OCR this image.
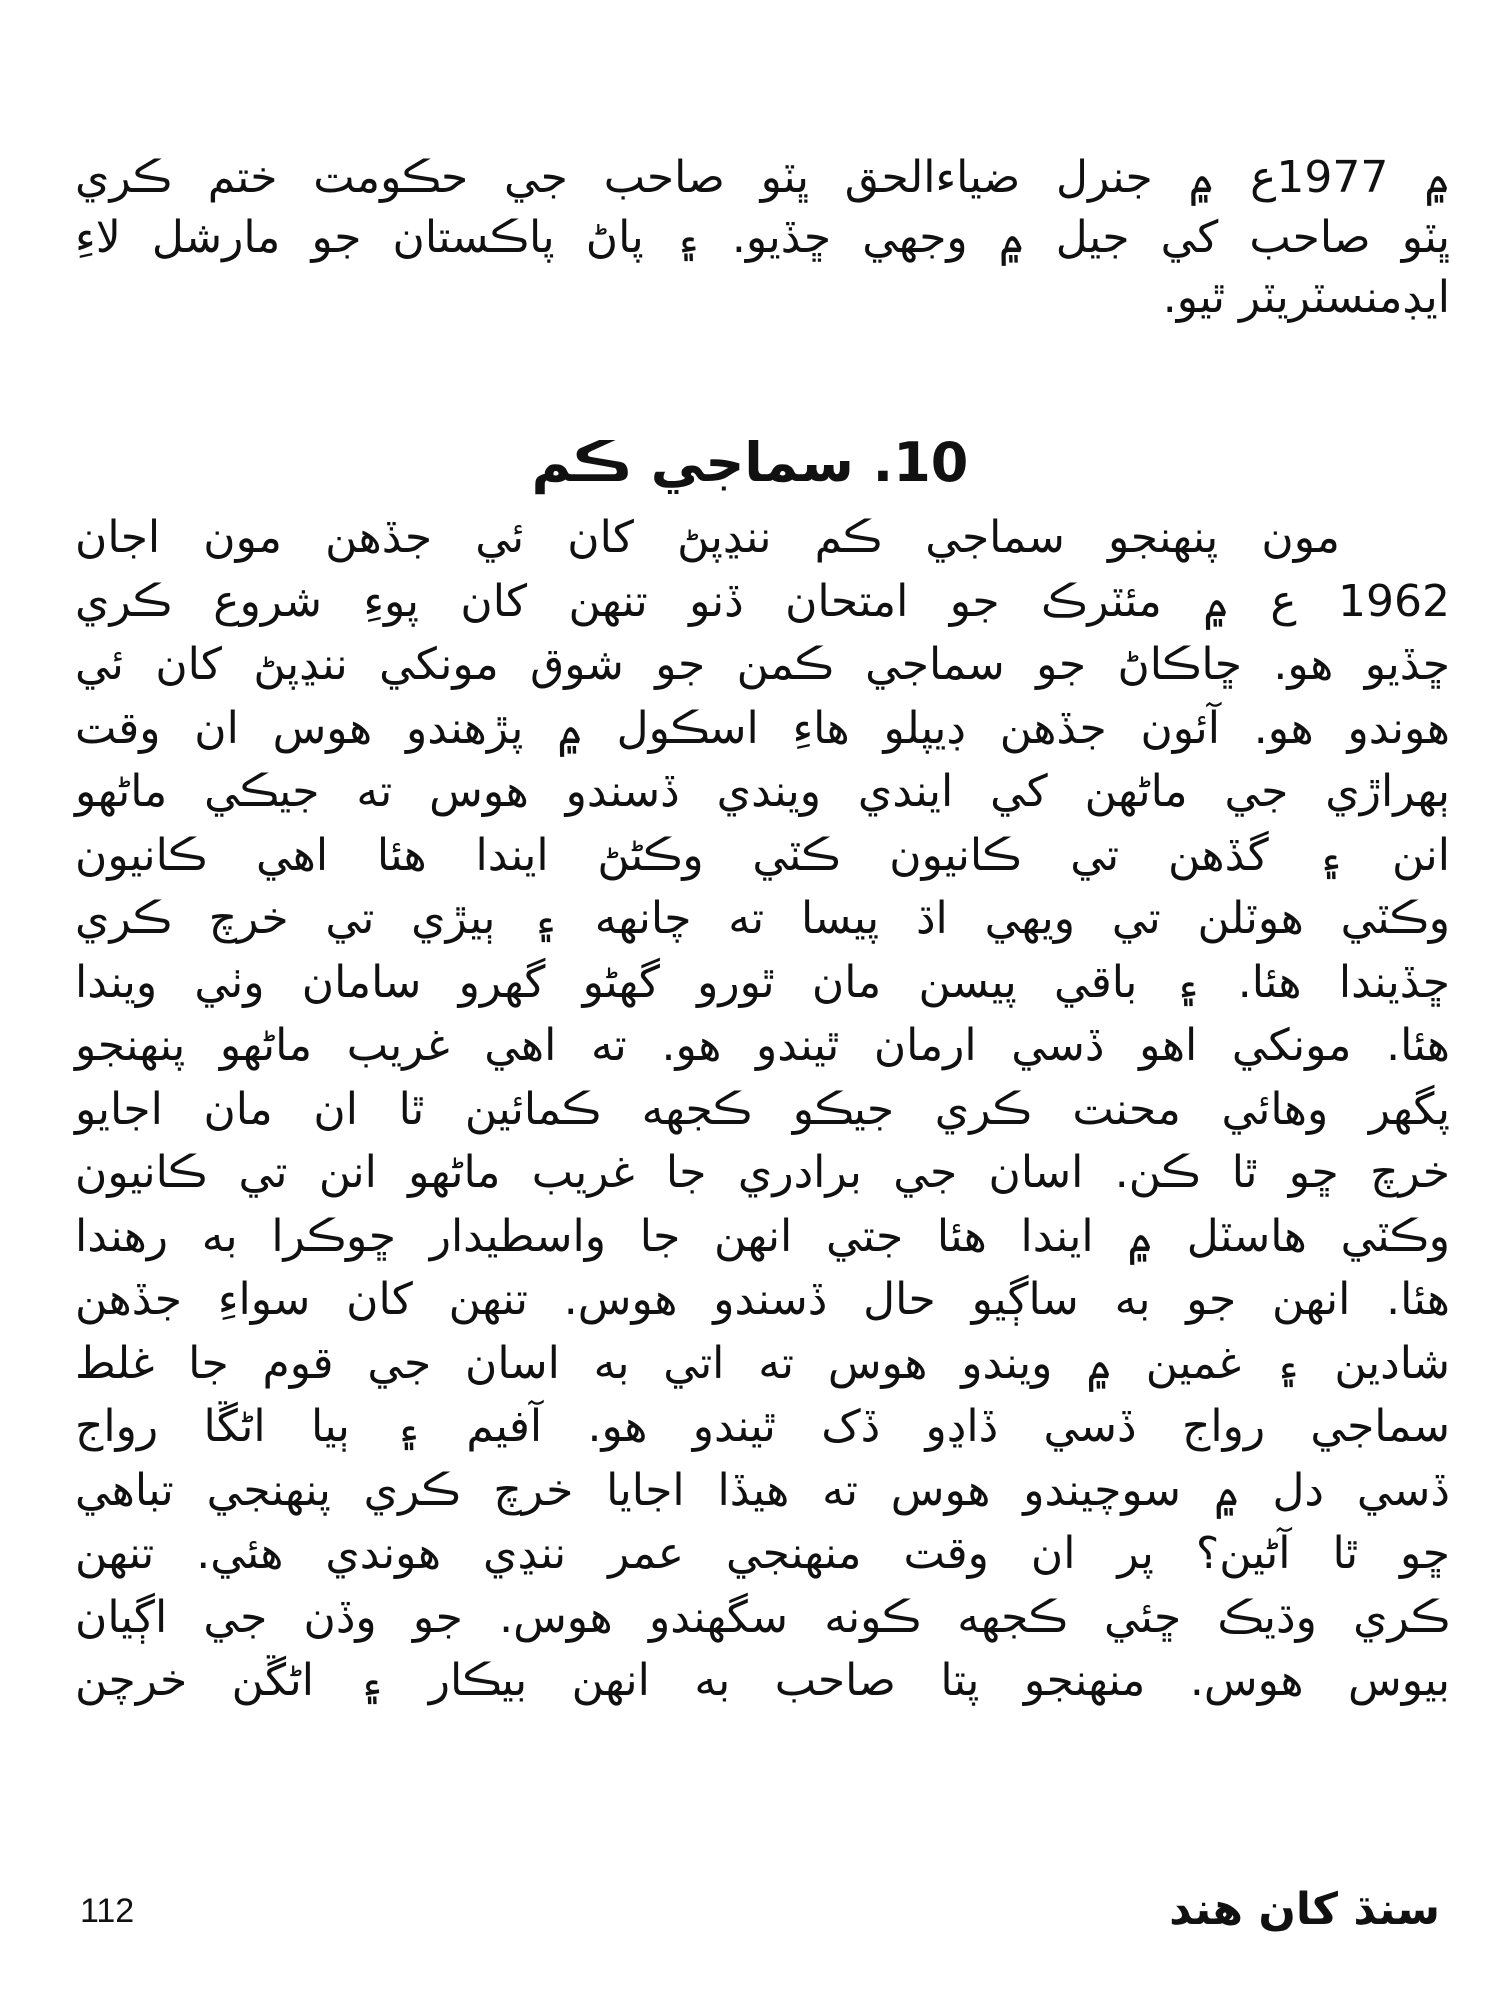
۾ 1977ع ۾ جنرل ضياءالحق ڀٽو صاحب جي حڪومت ختم ڪري
ڀٽو صاحب کي جيل ۾ وجهي ڇڏيو. ۽ پاڻ پاڪستان جو مارشل لاءِ
ايڊمنسٽريٽر ٿيو.
10. سماجي ڪم
مون پنهنجو سماجي ڪم ننڍپڻ کان ئي جڏهن مون اجان
1962 ع ۾ مئٽرڪ جو امتحان ڏنو تنهن کان پوءِ شروع ڪري
ڇڏيو هو. ڇاڪاڻ جو سماجي ڪمن جو شوق مونکي ننڍپڻ کان ئي
هوندو هو. آئون جڏهن ڊيپلو هاءِ اسڪول ۾ پڙهندو هوس ان وقت
ٻهراڙي جي ماڻهن کي ايندي ويندي ڏسندو هوس ته جيڪي ماڻهو
انن ۽ گڏهن تي ڪانيون ڪٽي وڪڻڻ ايندا هئا اهي ڪانيون
وڪٽي هوٽلن تي ويهي اڌ پيسا ته چانهه ۽ ٻيڙي تي خرچ ڪري
ڇڏيندا هئا. ۽ باقي پيسن مان ٿورو گهڻو گهرو سامان وٺي ويندا
هئا. مونکي اهو ڏسي ارمان ٿيندو هو. ته اهي غريب ماڻهو پنهنجو
پگهر وهائي محنت ڪري جيڪو ڪجهه ڪمائين ٿا ان مان اجايو
خرچ ڇو ٿا ڪن. اسان جي برادري جا غريب ماڻهو انن تي ڪانيون
وڪٽي هاسٽل ۾ ايندا هئا جتي انهن جا واسطيدار ڇوڪرا به رهندا
هئا. انهن جو به ساڳيو حال ڏسندو هوس. تنهن کان سواءِ جڏهن
شادين ۽ غمين ۾ ويندو هوس ته اتي به اسان جي قوم جا غلط
سماجي رواج ڏسي ڏاڍو ڏک ٿيندو هو. آفيم ۽ ٻيا اڻڱا رواج
ڏسي دل ۾ سوچيندو هوس ته هيڏا اجايا خرچ ڪري پنهنجي تباهي
ڇو ٿا آڻين؟ پر ان وقت منهنجي عمر ننڍي هوندي هئي. تنهن
ڪري وڌيڪ ڇئي ڪجهه ڪونه سگهندو هوس. جو وڏن جي اڳيان
بيوس هوس. منهنجو پتا صاحب به انهن بيڪار ۽ اڻڱن خرچن
سنڌ کان هند
112
